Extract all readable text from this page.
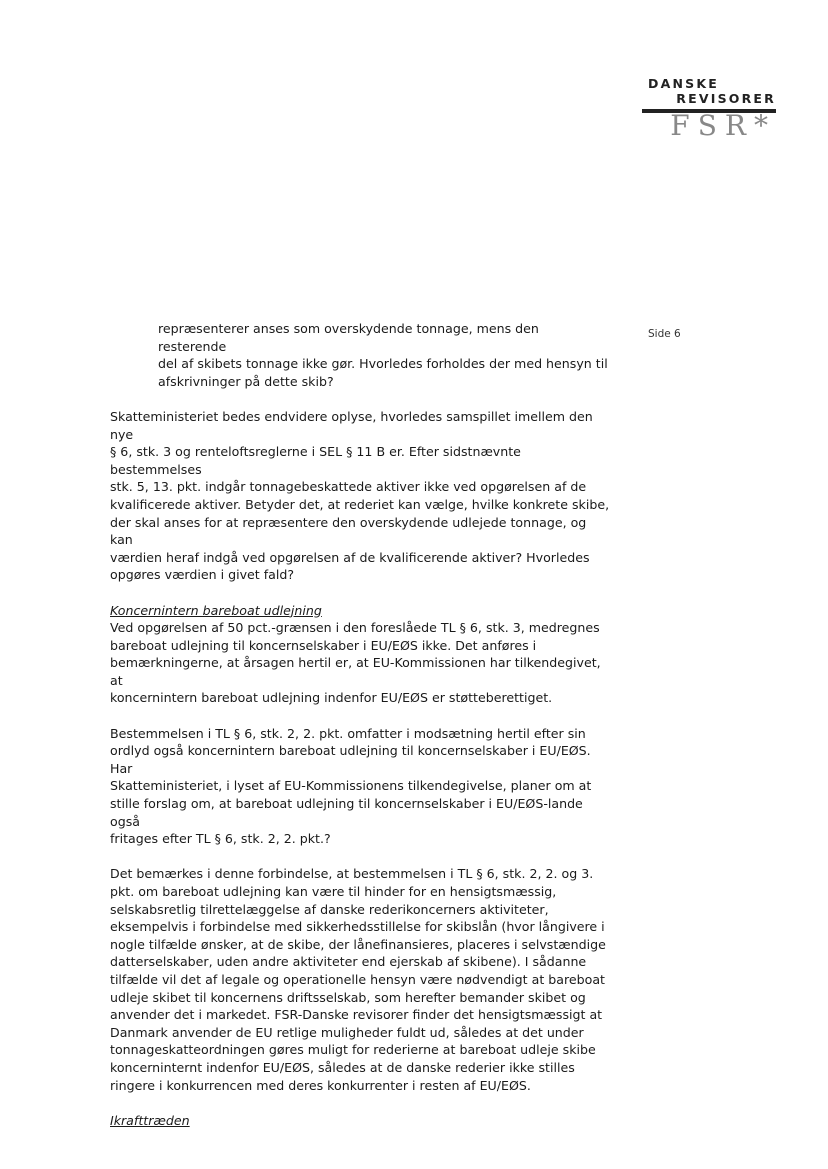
DANSKE
REVISORER
FSR*
Side 6

repræsenterer anses som overskydende tonnage, mens den resterende
del af skibets tonnage ikke gør. Hvorledes forholdes der med hensyn til
afskrivninger på dette skib?

Skatteministeriet bedes endvidere oplyse, hvorledes samspillet imellem den nye
§ 6, stk. 3 og renteloftsreglerne i SEL § 11 B er. Efter sidstnævnte bestemmelses
stk. 5, 13. pkt. indgår tonnagebeskattede aktiver ikke ved opgørelsen af de
kvalificerede aktiver. Betyder det, at rederiet kan vælge, hvilke konkrete skibe,
der skal anses for at repræsentere den overskydende udlejede tonnage, og kan
værdien heraf indgå ved opgørelsen af de kvalificerende aktiver? Hvorledes
opgøres værdien i givet fald?

Koncernintern bareboat udlejning
Ved opgørelsen af 50 pct.-grænsen i den foreslåede TL § 6, stk. 3, medregnes
bareboat udlejning til koncernselskaber i EU/EØS ikke. Det anføres i
bemærkningerne, at årsagen hertil er, at EU-Kommissionen har tilkendegivet, at
koncernintern bareboat udlejning indenfor EU/EØS er støtteberettiget.

Bestemmelsen i TL § 6, stk. 2, 2. pkt. omfatter i modsætning hertil efter sin
ordlyd også koncernintern bareboat udlejning til koncernselskaber i EU/EØS. Har
Skatteministeriet, i lyset af EU-Kommissionens tilkendegivelse, planer om at
stille forslag om, at bareboat udlejning til koncernselskaber i EU/EØS-lande også
fritages efter TL § 6, stk. 2, 2. pkt.?

Det bemærkes i denne forbindelse, at bestemmelsen i TL § 6, stk. 2, 2. og 3.
pkt. om bareboat udlejning kan være til hinder for en hensigtsmæssig,
selskabsretlig tilrettelæggelse af danske rederikoncerners aktiviteter,
eksempelvis i forbindelse med sikkerhedsstillelse for skibslån (hvor långivere i
nogle tilfælde ønsker, at de skibe, der lånefinansieres, placeres i selvstændige
datterselskaber, uden andre aktiviteter end ejerskab af skibene). I sådanne
tilfælde vil det af legale og operationelle hensyn være nødvendigt at bareboat
udleje skibet til koncernens driftsselskab, som herefter bemander skibet og
anvender det i markedet. FSR-Danske revisorer finder det hensigtsmæssigt at
Danmark anvender de EU retlige muligheder fuldt ud, således at det under
tonnageskatteordningen gøres muligt for rederierne at bareboat udleje skibe
koncerninternt indenfor EU/EØS, således at de danske rederier ikke stilles
ringere i konkurrencen med deres konkurrenter i resten af EU/EØS.

Ikrafttræden
